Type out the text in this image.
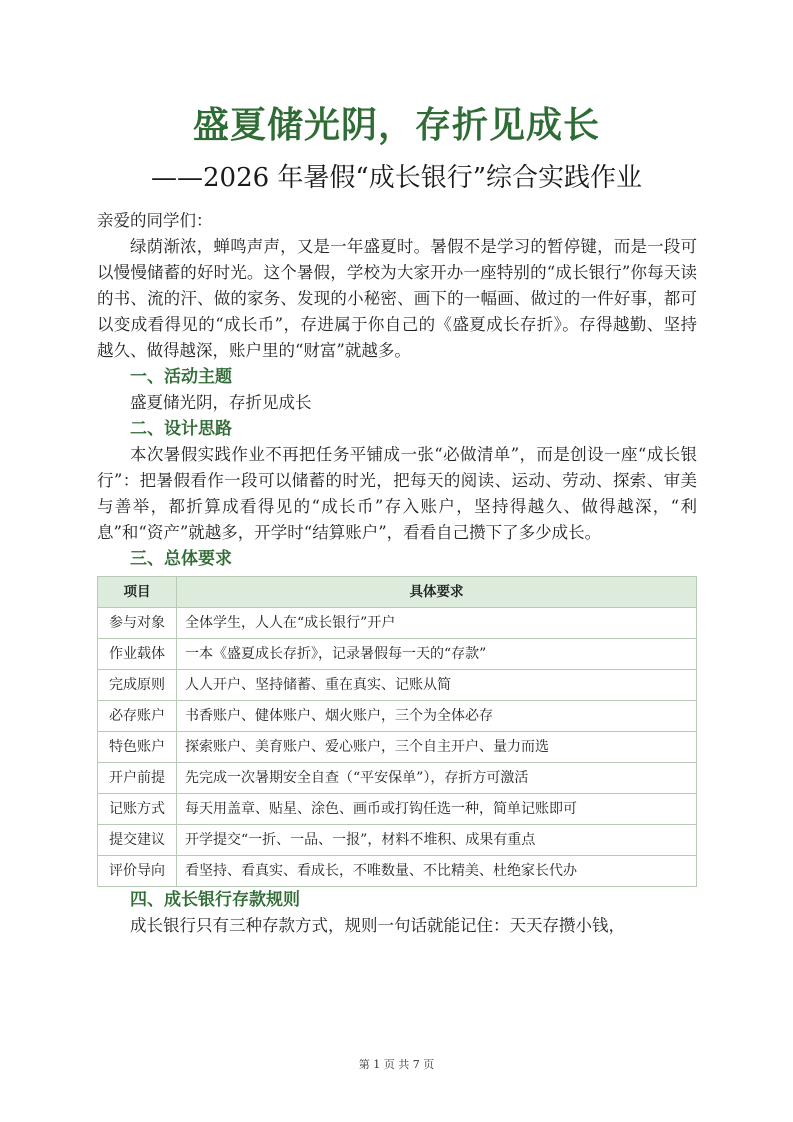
盛夏储光阴，存折见成长
——2026 年暑假“成长银行”综合实践作业

亲爱的同学们：

绿荫渐浓，蝉鸣声声，又是一年盛夏时。暑假不是学习的暂停键，而是一段可以慢慢储蓄的好时光。这个暑假，学校为大家开办一座特别的“成长银行”你每天读的书、流的汗、做的家务、发现的小秘密、画下的一幅画、做过的一件好事，都可以变成看得见的“成长币”，存进属于你自己的《盛夏成长存折》。存得越勤、坚持越久、做得越深，账户里的“财富”就越多。

一、活动主题

盛夏储光阴，存折见成长

二、设计思路

本次暑假实践作业不再把任务平铺成一张“必做清单”，而是创设一座“成长银行”：把暑假看作一段可以储蓄的时光，把每天的阅读、运动、劳动、探索、审美与善举，都折算成看得见的“成长币”存入账户，坚持得越久、做得越深，“利息”和“资产”就越多，开学时“结算账户”，看看自己攒下了多少成长。

三、总体要求

项目	具体要求
参与对象	全体学生，人人在“成长银行”开户
作业载体	一本《盛夏成长存折》，记录暑假每一天的“存款”
完成原则	人人开户、坚持储蓄、重在真实、记账从简
必存账户	书香账户、健体账户、烟火账户，三个为全体必存
特色账户	探索账户、美育账户、爱心账户，三个自主开户、量力而选
开户前提	先完成一次暑期安全自查（“平安保单”），存折方可激活
记账方式	每天用盖章、贴星、涂色、画币或打钩任选一种，简单记账即可
提交建议	开学提交“一折、一品、一报”，材料不堆积、成果有重点
评价导向	看坚持、看真实、看成长，不唯数量、不比精美、杜绝家长代办

四、成长银行存款规则

成长银行只有三种存款方式，规则一句话就能记住：天天存攒小钱，

第 1 页 共 7 页
